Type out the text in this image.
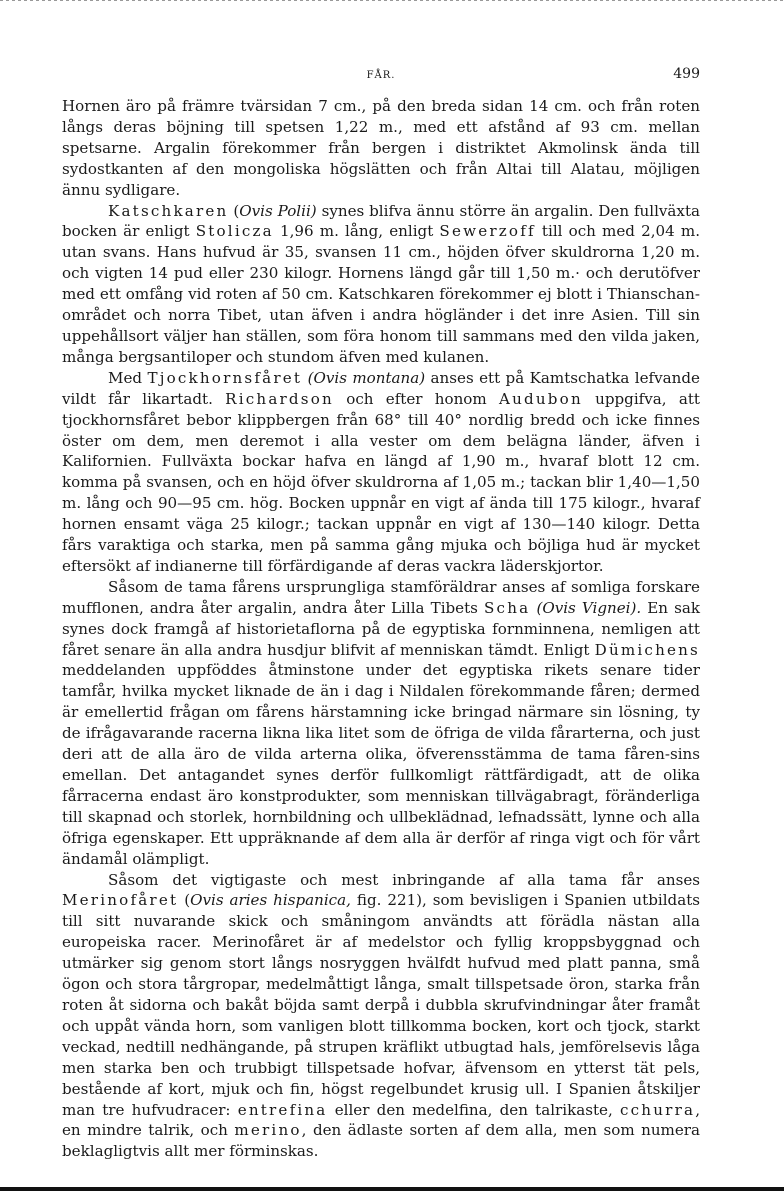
FÅR.	499

Hornen äro på främre tvärsidan 7 cm., på den breda sidan 14 cm. och från roten långs deras böjning till spetsen 1,22 m., med ett afstånd af 93 cm. mellan spetsarne. Argalin förekommer från bergen i distriktet Akmolinsk ända till sydostkanten af den mongoliska högslätten och från Altai till Alatau, möjligen ännu sydligare.

Katschkaren (Ovis Polii) synes blifva ännu större än argalin. Den fullväxta bocken är enligt Stolicza 1,96 m. lång, enligt Sewerzoff till och med 2,04 m. utan svans. Hans hufvud är 35, svansen 11 cm., höjden öfver skuldrorna 1,20 m. och vigten 14 pud eller 230 kilogr. Hornens längd går till 1,50 m.· och derutöfver med ett omfång vid roten af 50 cm. Katschkaren förekommer ej blott i Thianschan-området och norra Tibet, utan äfven i andra högländer i det inre Asien. Till sin uppehållsort väljer han ställen, som föra honom till sammans med den vilda jaken, många bergsantiloper och stundom äfven med kulanen.

Med Tjockhornsfåret (Ovis montana) anses ett på Kamtschatka lefvande vildt får likartadt. Richardson och efter honom Audubon uppgifva, att tjockhornsfåret bebor klippbergen från 68° till 40° nordlig bredd och icke finnes öster om dem, men deremot i alla vester om dem belägna länder, äfven i Kalifornien. Fullväxta bockar hafva en längd af 1,90 m., hvaraf blott 12 cm. komma på svansen, och en höjd öfver skuldrorna af 1,05 m.; tackan blir 1,40—1,50 m. lång och 90—95 cm. hög. Bocken uppnår en vigt af ända till 175 kilogr., hvaraf hornen ensamt väga 25 kilogr.; tackan uppnår en vigt af 130—140 kilogr. Detta fårs varaktiga och starka, men på samma gång mjuka och böjliga hud är mycket eftersökt af indianerne till förfärdigande af deras vackra läderskjortor.

Såsom de tama fårens ursprungliga stamföräldrar anses af somliga forskare mufflonen, andra åter argalin, andra åter Lilla Tibets Scha (Ovis Vignei). En sak synes dock framgå af historietaflorna på de egyptiska fornminnena, nemligen att fåret senare än alla andra husdjur blifvit af menniskan tämdt. Enligt Dümichens meddelanden uppföddes åtminstone under det egyptiska rikets senare tider tamfår, hvilka mycket liknade de än i dag i Nildalen förekommande fåren; dermed är emellertid frågan om fårens härstamning icke bringad närmare sin lösning, ty de ifrågavarande racerna likna lika litet som de öfriga de vilda fårarterna, och just deri att de alla äro de vilda arterna olika, öfverensstämma de tama fåren-sins emellan. Det antagandet synes derför fullkomligt rättfärdigadt, att de olika fårracerna endast äro konstprodukter, som menniskan tillvägabragt, föränderliga till skapnad och storlek, hornbildning och ullbeklädnad, lefnadssätt, lynne och alla öfriga egenskaper. Ett uppräknande af dem alla är derför af ringa vigt och för vårt ändamål olämpligt.

Såsom det vigtigaste och mest inbringande af alla tama får anses Merinofåret (Ovis aries hispanica, fig. 221), som bevisligen i Spanien utbildats till sitt nuvarande skick och småningom användts att förädla nästan alla europeiska racer. Merinofåret är af medelstor och fyllig kroppsbyggnad och utmärker sig genom stort långs nosryggen hvälfdt hufvud med platt panna, små ögon och stora tårgropar, medelmåttigt långa, smalt tillspetsade öron, starka från roten åt sidorna och bakåt böjda samt derpå i dubbla skrufvindningar åter framåt och uppåt vända horn, som vanligen blott tillkomma bocken, kort och tjock, starkt veckad, nedtill nedhängande, på strupen kräflikt utbugtad hals, jemförelsevis låga men starka ben och trubbigt tillspetsade hofvar, äfvensom en ytterst tät pels, bestående af kort, mjuk och fin, högst regelbundet krusig ull. I Spanien åtskiljer man tre hufvudracer: entrefina eller den medelfina, den talrikaste, cchurra, en mindre talrik, och merino, den ädlaste sorten af dem alla, men som numera beklagligtvis allt mer förminskas.
